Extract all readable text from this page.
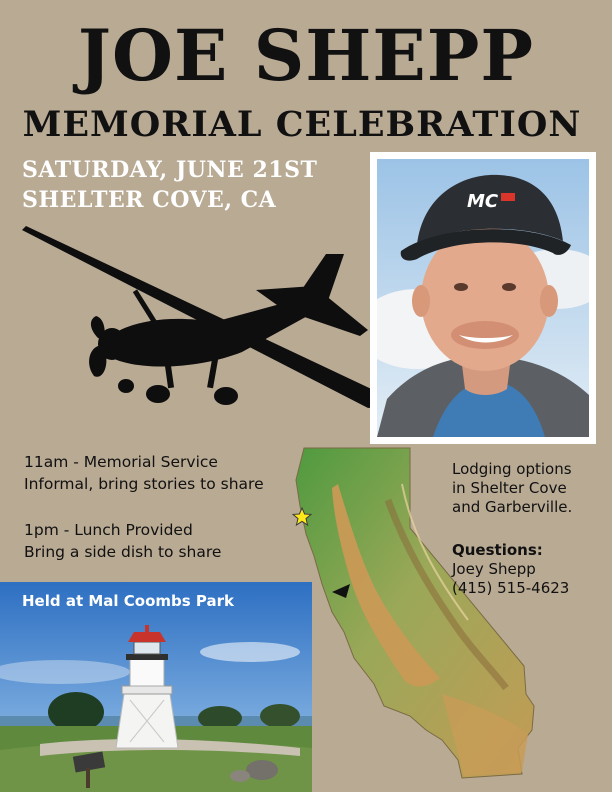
JOE SHEPP
MEMORIAL CELEBRATION
SATURDAY, JUNE 21ST
SHELTER COVE, CA	MC
11am - Memorial Service
Informal, bring stories to share
1pm - Lunch Provided
Bring a side dish to share
Lodging options
in Shelter Cove
and Garberville.
Questions:
Joey Shepp
(415) 515-4623
Held at Mal Coombs Park
